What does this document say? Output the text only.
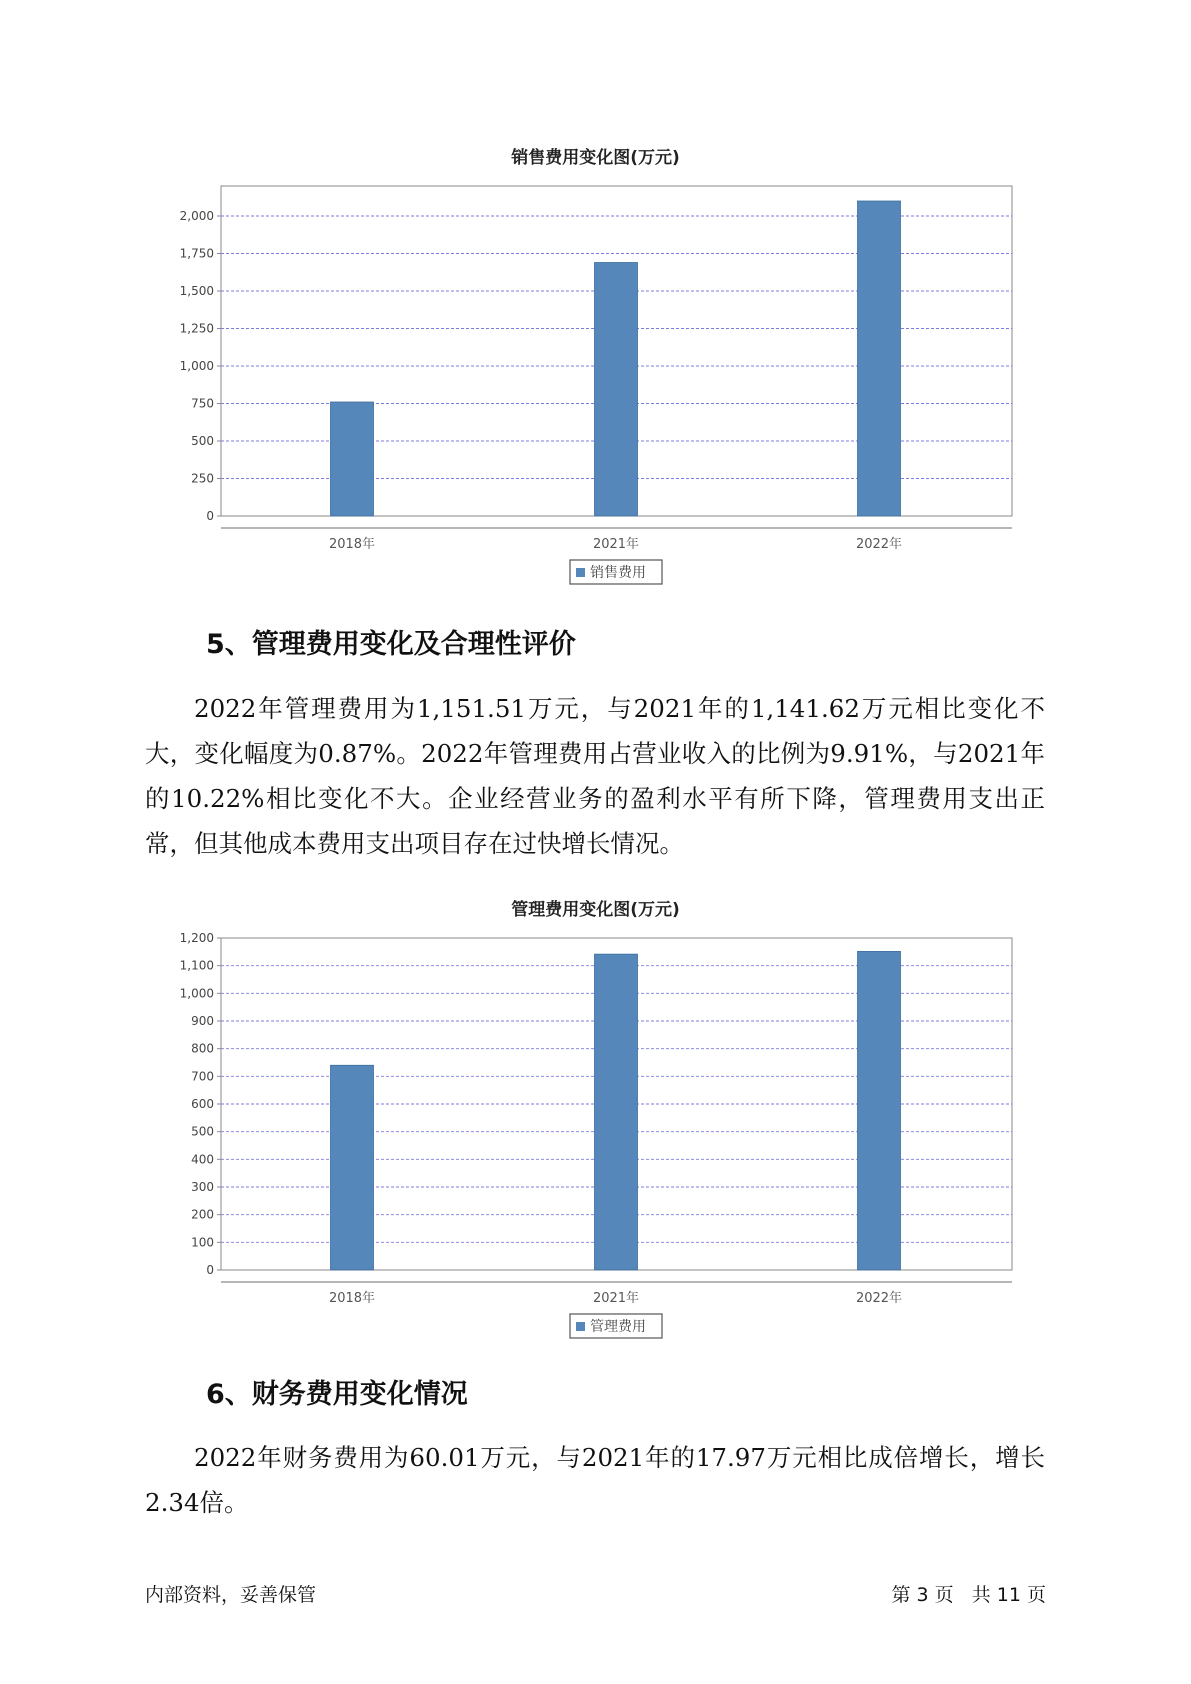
销售费用变化图(万元)
0
250
500
750
1,000
1,250
1,500
1,750
2,000
2018年	2021年	2022年
销售费用
5、管理费用变化及合理性评价
2022年管理费用为1,151.51万元，与2021年的1,141.62万元相比变化不大，变化幅度为0.87%。2022年管理费用占营业收入的比例为9.91%，与2021年的10.22%相比变化不大。企业经营业务的盈利水平有所下降，管理费用支出正常，但其他成本费用支出项目存在过快增长情况。
管理费用变化图(万元)
0
100
200
300
400
500
600
700
800
900
1,000
1,100
1,200
2018年	2021年	2022年
管理费用
6、财务费用变化情况
2022年财务费用为60.01万元，与2021年的17.97万元相比成倍增长，增长2.34倍。
内部资料，妥善保管	第 3 页   共 11 页
